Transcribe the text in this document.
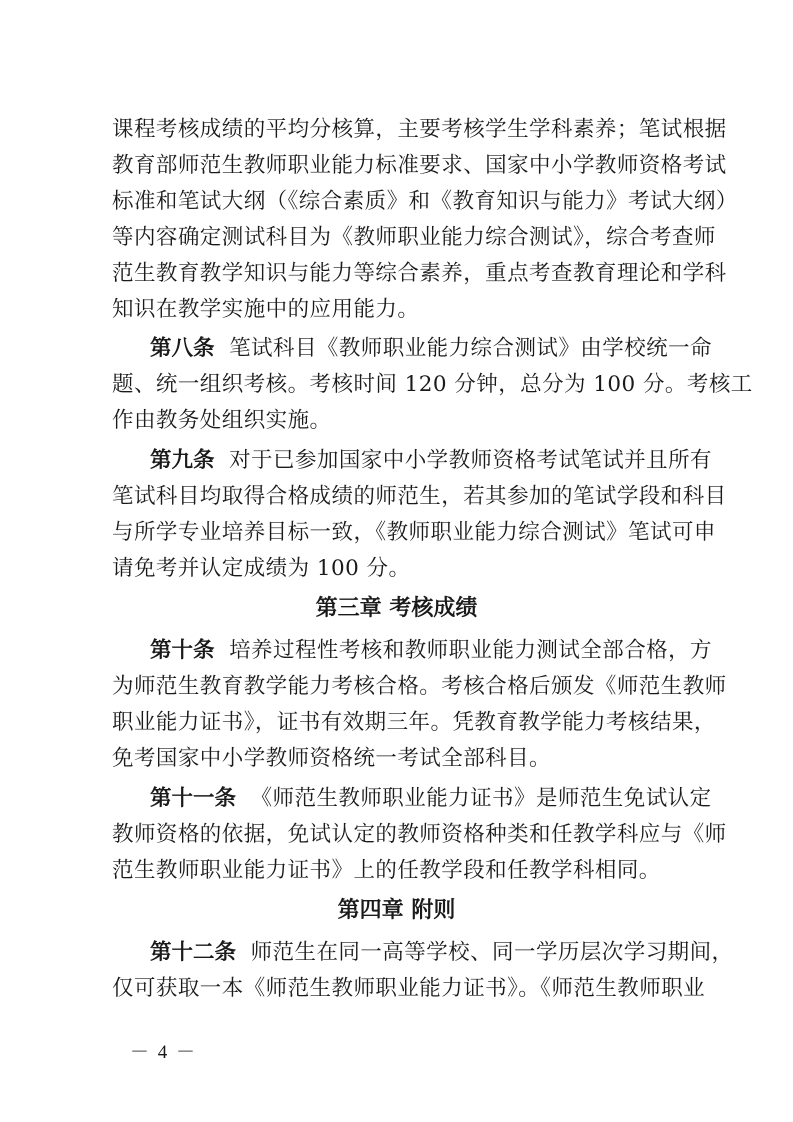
课程考核成绩的平均分核算，主要考核学生学科素养；笔试根据
教育部师范生教师职业能力标准要求、国家中小学教师资格考试
标准和笔试大纲（《综合素质》和《教育知识与能力》考试大纲）
等内容确定测试科目为《教师职业能力综合测试》，综合考查师
范生教育教学知识与能力等综合素养，重点考查教育理论和学科
知识在教学实施中的应用能力。
第八条 笔试科目《教师职业能力综合测试》由学校统一命
题、统一组织考核。考核时间 120 分钟，总分为 100 分。考核工
作由教务处组织实施。
第九条 对于已参加国家中小学教师资格考试笔试并且所有
笔试科目均取得合格成绩的师范生，若其参加的笔试学段和科目
与所学专业培养目标一致，《教师职业能力综合测试》笔试可申
请免考并认定成绩为 100 分。
第三章 考核成绩
第十条 培养过程性考核和教师职业能力测试全部合格，方
为师范生教育教学能力考核合格。考核合格后颁发《师范生教师
职业能力证书》，证书有效期三年。凭教育教学能力考核结果，
免考国家中小学教师资格统一考试全部科目。
第十一条 《师范生教师职业能力证书》是师范生免试认定
教师资格的依据，免试认定的教师资格种类和任教学科应与《师
范生教师职业能力证书》上的任教学段和任教学科相同。
第四章 附则
第十二条 师范生在同一高等学校、同一学历层次学习期间，
仅可获取一本《师范生教师职业能力证书》。《师范生教师职业
－ 4 －
